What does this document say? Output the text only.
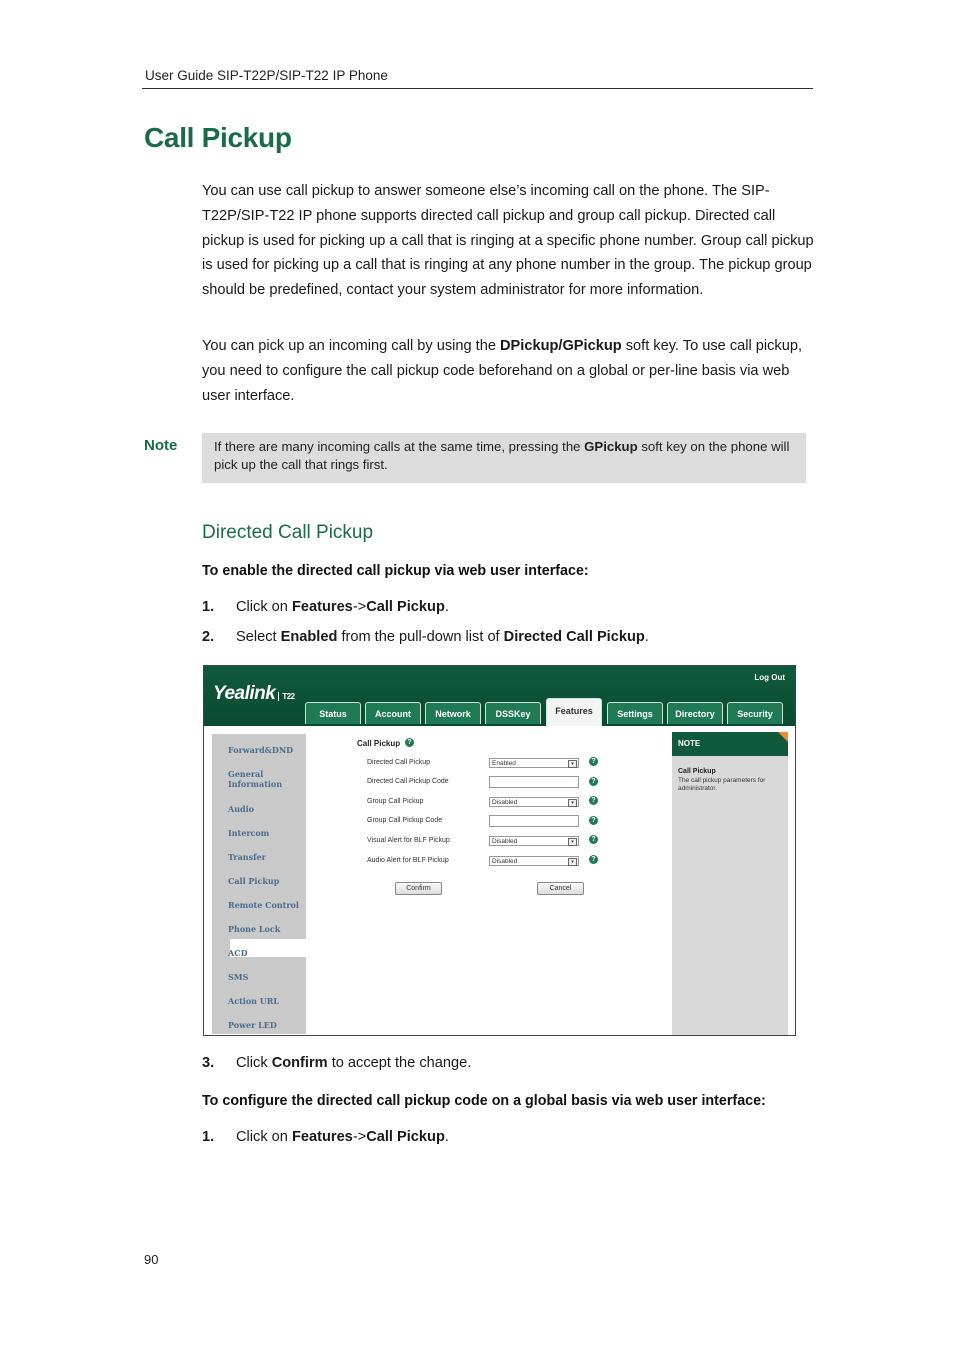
User Guide SIP-T22P/SIP-T22 IP Phone
Call Pickup
You can use call pickup to answer someone else’s incoming call on the phone. The SIP-T22P/SIP-T22 IP phone supports directed call pickup and group call pickup. Directed call pickup is used for picking up a call that is ringing at a specific phone number. Group call pickup is used for picking up a call that is ringing at any phone number in the group. The pickup group should be predefined, contact your system administrator for more information.
You can pick up an incoming call by using the DPickup/GPickup soft key. To use call pickup, you need to configure the call pickup code beforehand on a global or per-line basis via web user interface.
Note	If there are many incoming calls at the same time, pressing the GPickup soft key on the phone will pick up the call that rings first.
Directed Call Pickup
To enable the directed call pickup via web user interface:
1. Click on Features->Call Pickup.
2. Select Enabled from the pull-down list of Directed Call Pickup.
Yealink T22
Log Out
Status	Account	Network	DSSKey	Features	Settings	Directory	Security
Forward&DND
General
Information
Audio
Intercom
Transfer
Call Pickup
Remote Control
Phone Lock
ACD
SMS
Action URL
Power LED
Call Pickup	?
Directed Call Pickup	Enabled	▾	?
Directed Call Pickup Code	?
Group Call Pickup	Disabled	▾	?
Group Call Pickup Code	?
Visual Alert for BLF Pickup	Disabled	▾	?
Audio Alert for BLF Pickup	Disabled	▾	?
Confirm	Cancel
NOTE
Call Pickup
The call pickup parameters for administrator.
3. Click Confirm to accept the change.
To configure the directed call pickup code on a global basis via web user interface:
1. Click on Features->Call Pickup.
90
